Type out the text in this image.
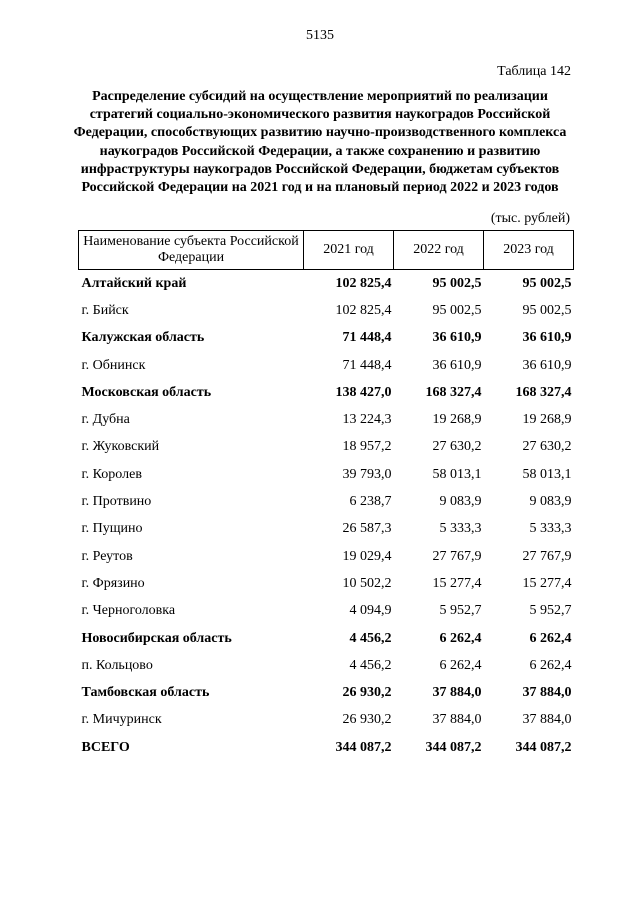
5135
Таблица 142
Распределение субсидий на осуществление мероприятий по реализации стратегий социально-экономического развития наукоградов Российской Федерации, способствующих развитию научно-производственного комплекса наукоградов Российской Федерации, а также сохранению и развитию инфраструктуры наукоградов Российской Федерации, бюджетам субъектов Российской Федерации на 2021 год и на плановый период 2022 и 2023 годов
(тыс. рублей)
Наименование субъекта Российской Федерации	2021 год	2022 год	2023 год
Алтайский край	102 825,4	95 002,5	95 002,5
г. Бийск	102 825,4	95 002,5	95 002,5
Калужская область	71 448,4	36 610,9	36 610,9
г. Обнинск	71 448,4	36 610,9	36 610,9
Московская область	138 427,0	168 327,4	168 327,4
г. Дубна	13 224,3	19 268,9	19 268,9
г. Жуковский	18 957,2	27 630,2	27 630,2
г. Королев	39 793,0	58 013,1	58 013,1
г. Протвино	6 238,7	9 083,9	9 083,9
г. Пущино	26 587,3	5 333,3	5 333,3
г. Реутов	19 029,4	27 767,9	27 767,9
г. Фрязино	10 502,2	15 277,4	15 277,4
г. Черноголовка	4 094,9	5 952,7	5 952,7
Новосибирская область	4 456,2	6 262,4	6 262,4
п. Кольцово	4 456,2	6 262,4	6 262,4
Тамбовская область	26 930,2	37 884,0	37 884,0
г. Мичуринск	26 930,2	37 884,0	37 884,0
ВСЕГО	344 087,2	344 087,2	344 087,2
